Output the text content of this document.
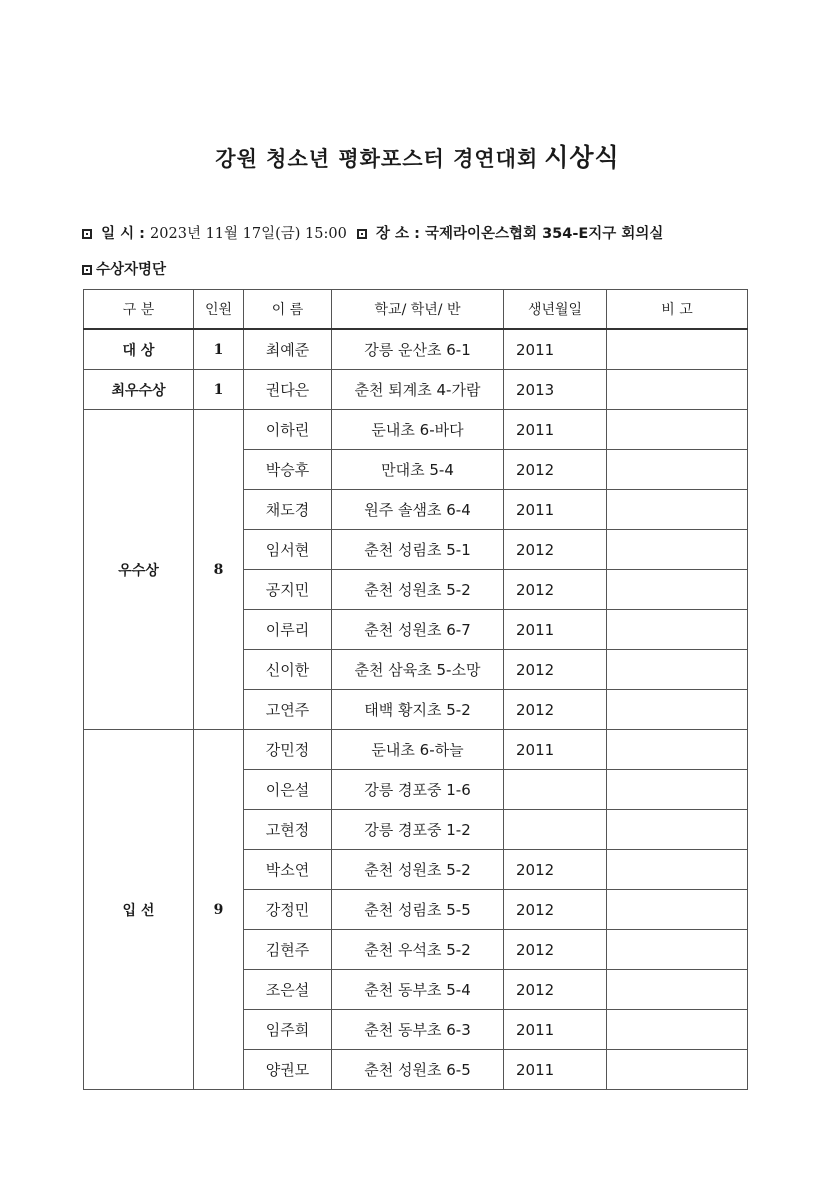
강원 청소년 평화포스터 경연대회 시상식
일 시 : 2023년 11월 17일(금) 15:00 장 소 : 국제라이온스협회 354-E지구 회의실
수상자명단
구 분	인원	이 름	학교/ 학년/ 반	생년월일	비 고
대 상	1	최예준	강릉 운산초 6-1	2011	
최우수상	1	권다은	춘천 퇴계초 4-가람	2013	
우수상	8	이하린	둔내초 6-바다	2011	
		박승후	만대초 5-4	2012	
		채도경	원주 솔샘초 6-4	2011	
		임서현	춘천 성림초 5-1	2012	
		공지민	춘천 성원초 5-2	2012	
		이루리	춘천 성원초 6-7	2011	
		신이한	춘천 삼육초 5-소망	2012	
		고연주	태백 황지초 5-2	2012	
입 선	9	강민정	둔내초 6-하늘	2011	
		이은설	강릉 경포중 1-6		
		고현정	강릉 경포중 1-2		
		박소연	춘천 성원초 5-2	2012	
		강정민	춘천 성림초 5-5	2012	
		김현주	춘천 우석초 5-2	2012	
		조은설	춘천 동부초 5-4	2012	
		임주희	춘천 동부초 6-3	2011	
		양권모	춘천 성원초 6-5	2011	
